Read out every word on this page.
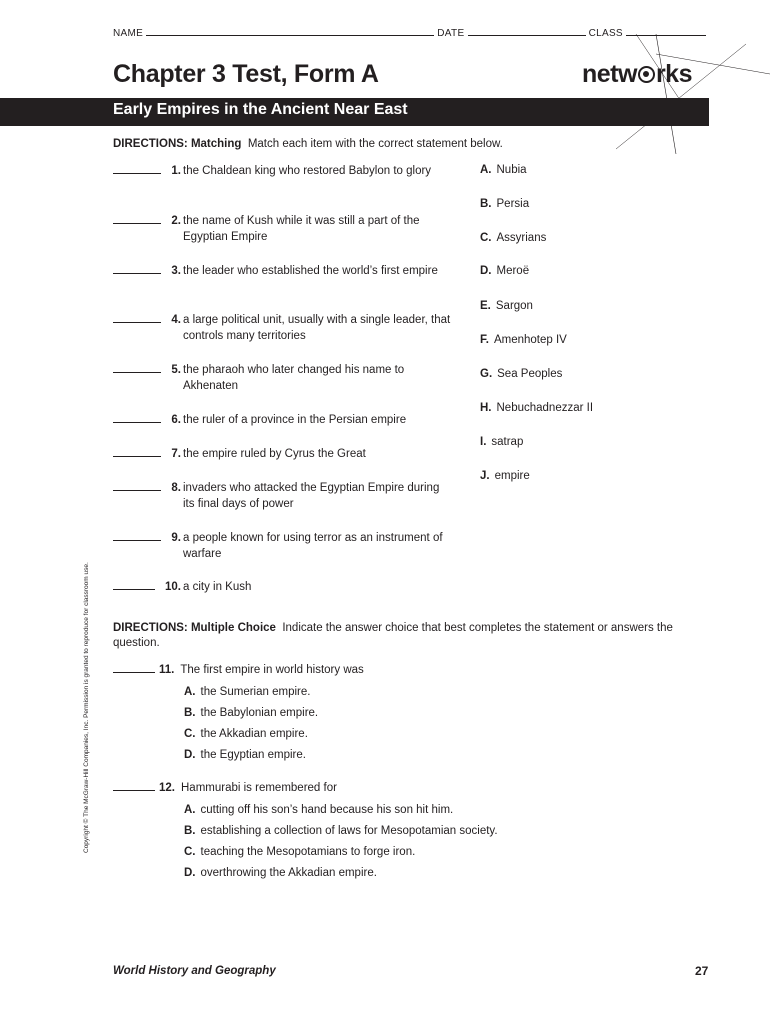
NAME	DATE	CLASS
Chapter 3 Test, Form A	netw rks
Early Empires in the Ancient Near East
DIRECTIONS: Matching Match each item with the correct statement below.
1. the Chaldean king who restored Babylon to glory
2. the name of Kush while it was still a part of the Egyptian Empire
3. the leader who established the world’s first empire
4. a large political unit, usually with a single leader, that controls many territories
5. the pharaoh who later changed his name to Akhenaten
6. the ruler of a province in the Persian empire
7. the empire ruled by Cyrus the Great
8. invaders who attacked the Egyptian Empire during its final days of power
9. a people known for using terror as an instrument of warfare
10. a city in Kush
A. Nubia
B. Persia
C. Assyrians
D. Meroë
E. Sargon
F. Amenhotep IV
G. Sea Peoples
H. Nebuchadnezzar II
I. satrap
J. empire
DIRECTIONS: Multiple Choice Indicate the answer choice that best completes the statement or answers the question.
11. The first empire in world history was
A. the Sumerian empire.
B. the Babylonian empire.
C. the Akkadian empire.
D. the Egyptian empire.
12. Hammurabi is remembered for
A. cutting off his son’s hand because his son hit him.
B. establishing a collection of laws for Mesopotamian society.
C. teaching the Mesopotamians to forge iron.
D. overthrowing the Akkadian empire.
Copyright © The McGraw-Hill Companies, Inc. Permission is granted to reproduce for classroom use.
World History and Geography	27
